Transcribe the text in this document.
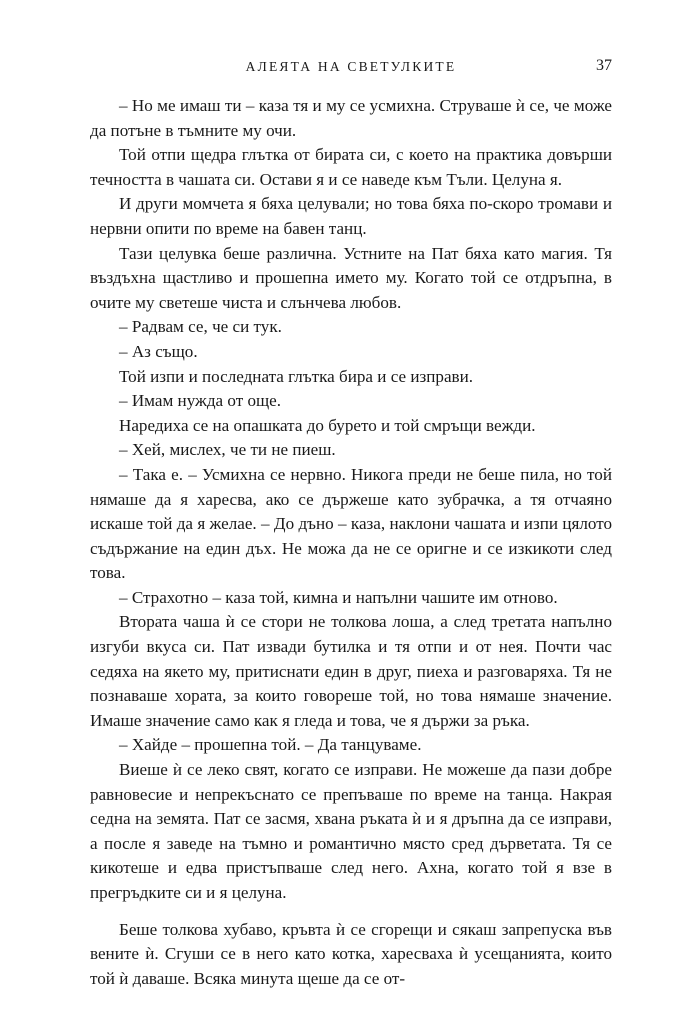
АЛЕЯТА НА СВЕТУЛКИТЕ	37

– Но ме имаш ти – каза тя и му се усмихна. Струваше ѝ се, че може да потъне в тъмните му очи.

Той отпи щедра глътка от бирата си, с което на практика довърши течността в чашата си. Остави я и се наведе към Тъли. Целуна я.

И други момчета я бяха целували; но това бяха по-скоро тромави и нервни опити по време на бавен танц.

Тази целувка беше различна. Устните на Пат бяха като магия. Тя въздъхна щастливо и прошепна името му. Когато той се отдръпна, в очите му светеше чиста и слънчева любов.

– Радвам се, че си тук.

– Аз също.

Той изпи и последната глътка бира и се изправи.

– Имам нужда от още.

Наредиха се на опашката до бурето и той смръщи вежди.

– Хей, мислех, че ти не пиеш.

– Така е. – Усмихна се нервно. Никога преди не беше пила, но той нямаше да я харесва, ако се държеше като зубрачка, а тя отчаяно искаше той да я желае. – До дъно – каза, наклони чашата и изпи цялото съдържание на един дъх. Не можа да не се оригне и се изкикоти след това.

– Страхотно – каза той, кимна и напълни чашите им отново.

Втората чаша ѝ се стори не толкова лоша, а след третата напълно изгуби вкуса си. Пат извади бутилка и тя отпи и от нея. Почти час седяха на якето му, притиснати един в друг, пиеха и разговаряха. Тя не познаваше хората, за които говореше той, но това нямаше значение. Имаше значение само как я гледа и това, че я държи за ръка.

– Хайде – прошепна той. – Да танцуваме.

Виеше ѝ се леко свят, когато се изправи. Не можеше да пази добре равновесие и непрекъснато се препъваше по време на танца. Накрая седна на земята. Пат се засмя, хвана ръката ѝ и я дръпна да се изправи, а после я заведе на тъмно и романтично място сред дърветата. Тя се кикотеше и едва пристъпваше след него. Ахна, когато той я взе в прегръдките си и я целуна.

Беше толкова хубаво, кръвта ѝ се сгорещи и сякаш запрепуска във вените ѝ. Сгуши се в него като котка, харесваха ѝ усещанията, които той ѝ даваше. Всяка минута щеше да се от-
